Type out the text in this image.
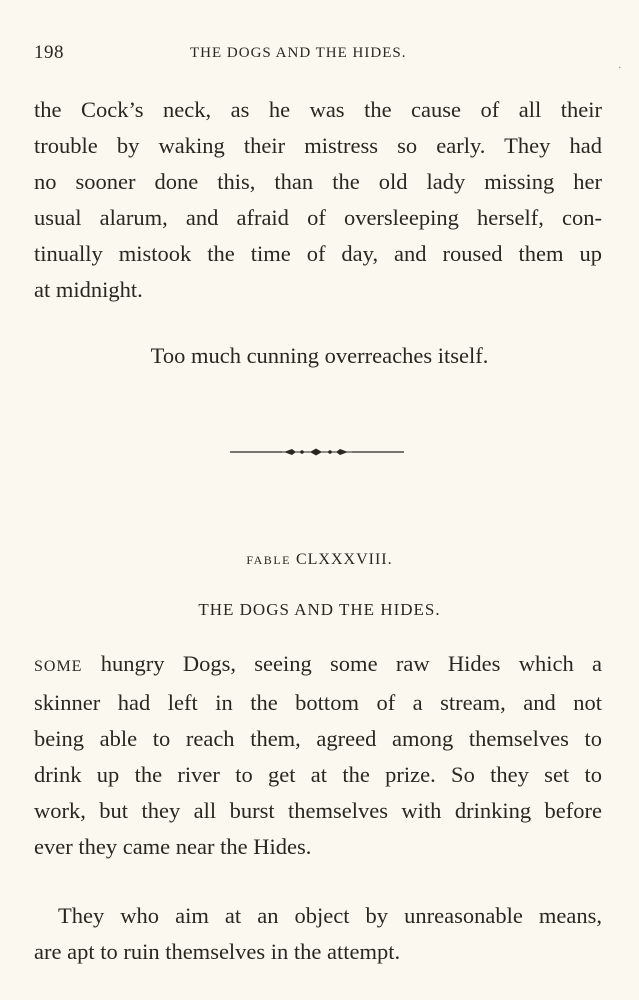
198	THE DOGS AND THE HIDES.
.

the Cock’s neck, as he was the cause of all their

trouble by waking their mistress so early. They had

no sooner done this, than the old lady missing her

usual alarum, and afraid of oversleeping herself, con-

tinually mistook the time of day, and roused them up

at midnight.

Too much cunning overreaches itself.
FABLE CLXXXVIII.
THE DOGS AND THE HIDES.

SOME hungry Dogs, seeing some raw Hides which a

skinner had left in the bottom of a stream, and not

being able to reach them, agreed among themselves to

drink up the river to get at the prize. So they set to

work, but they all burst themselves with drinking before

ever they came near the Hides.

They who aim at an object by unreasonable means,

are apt to ruin themselves in the attempt.
